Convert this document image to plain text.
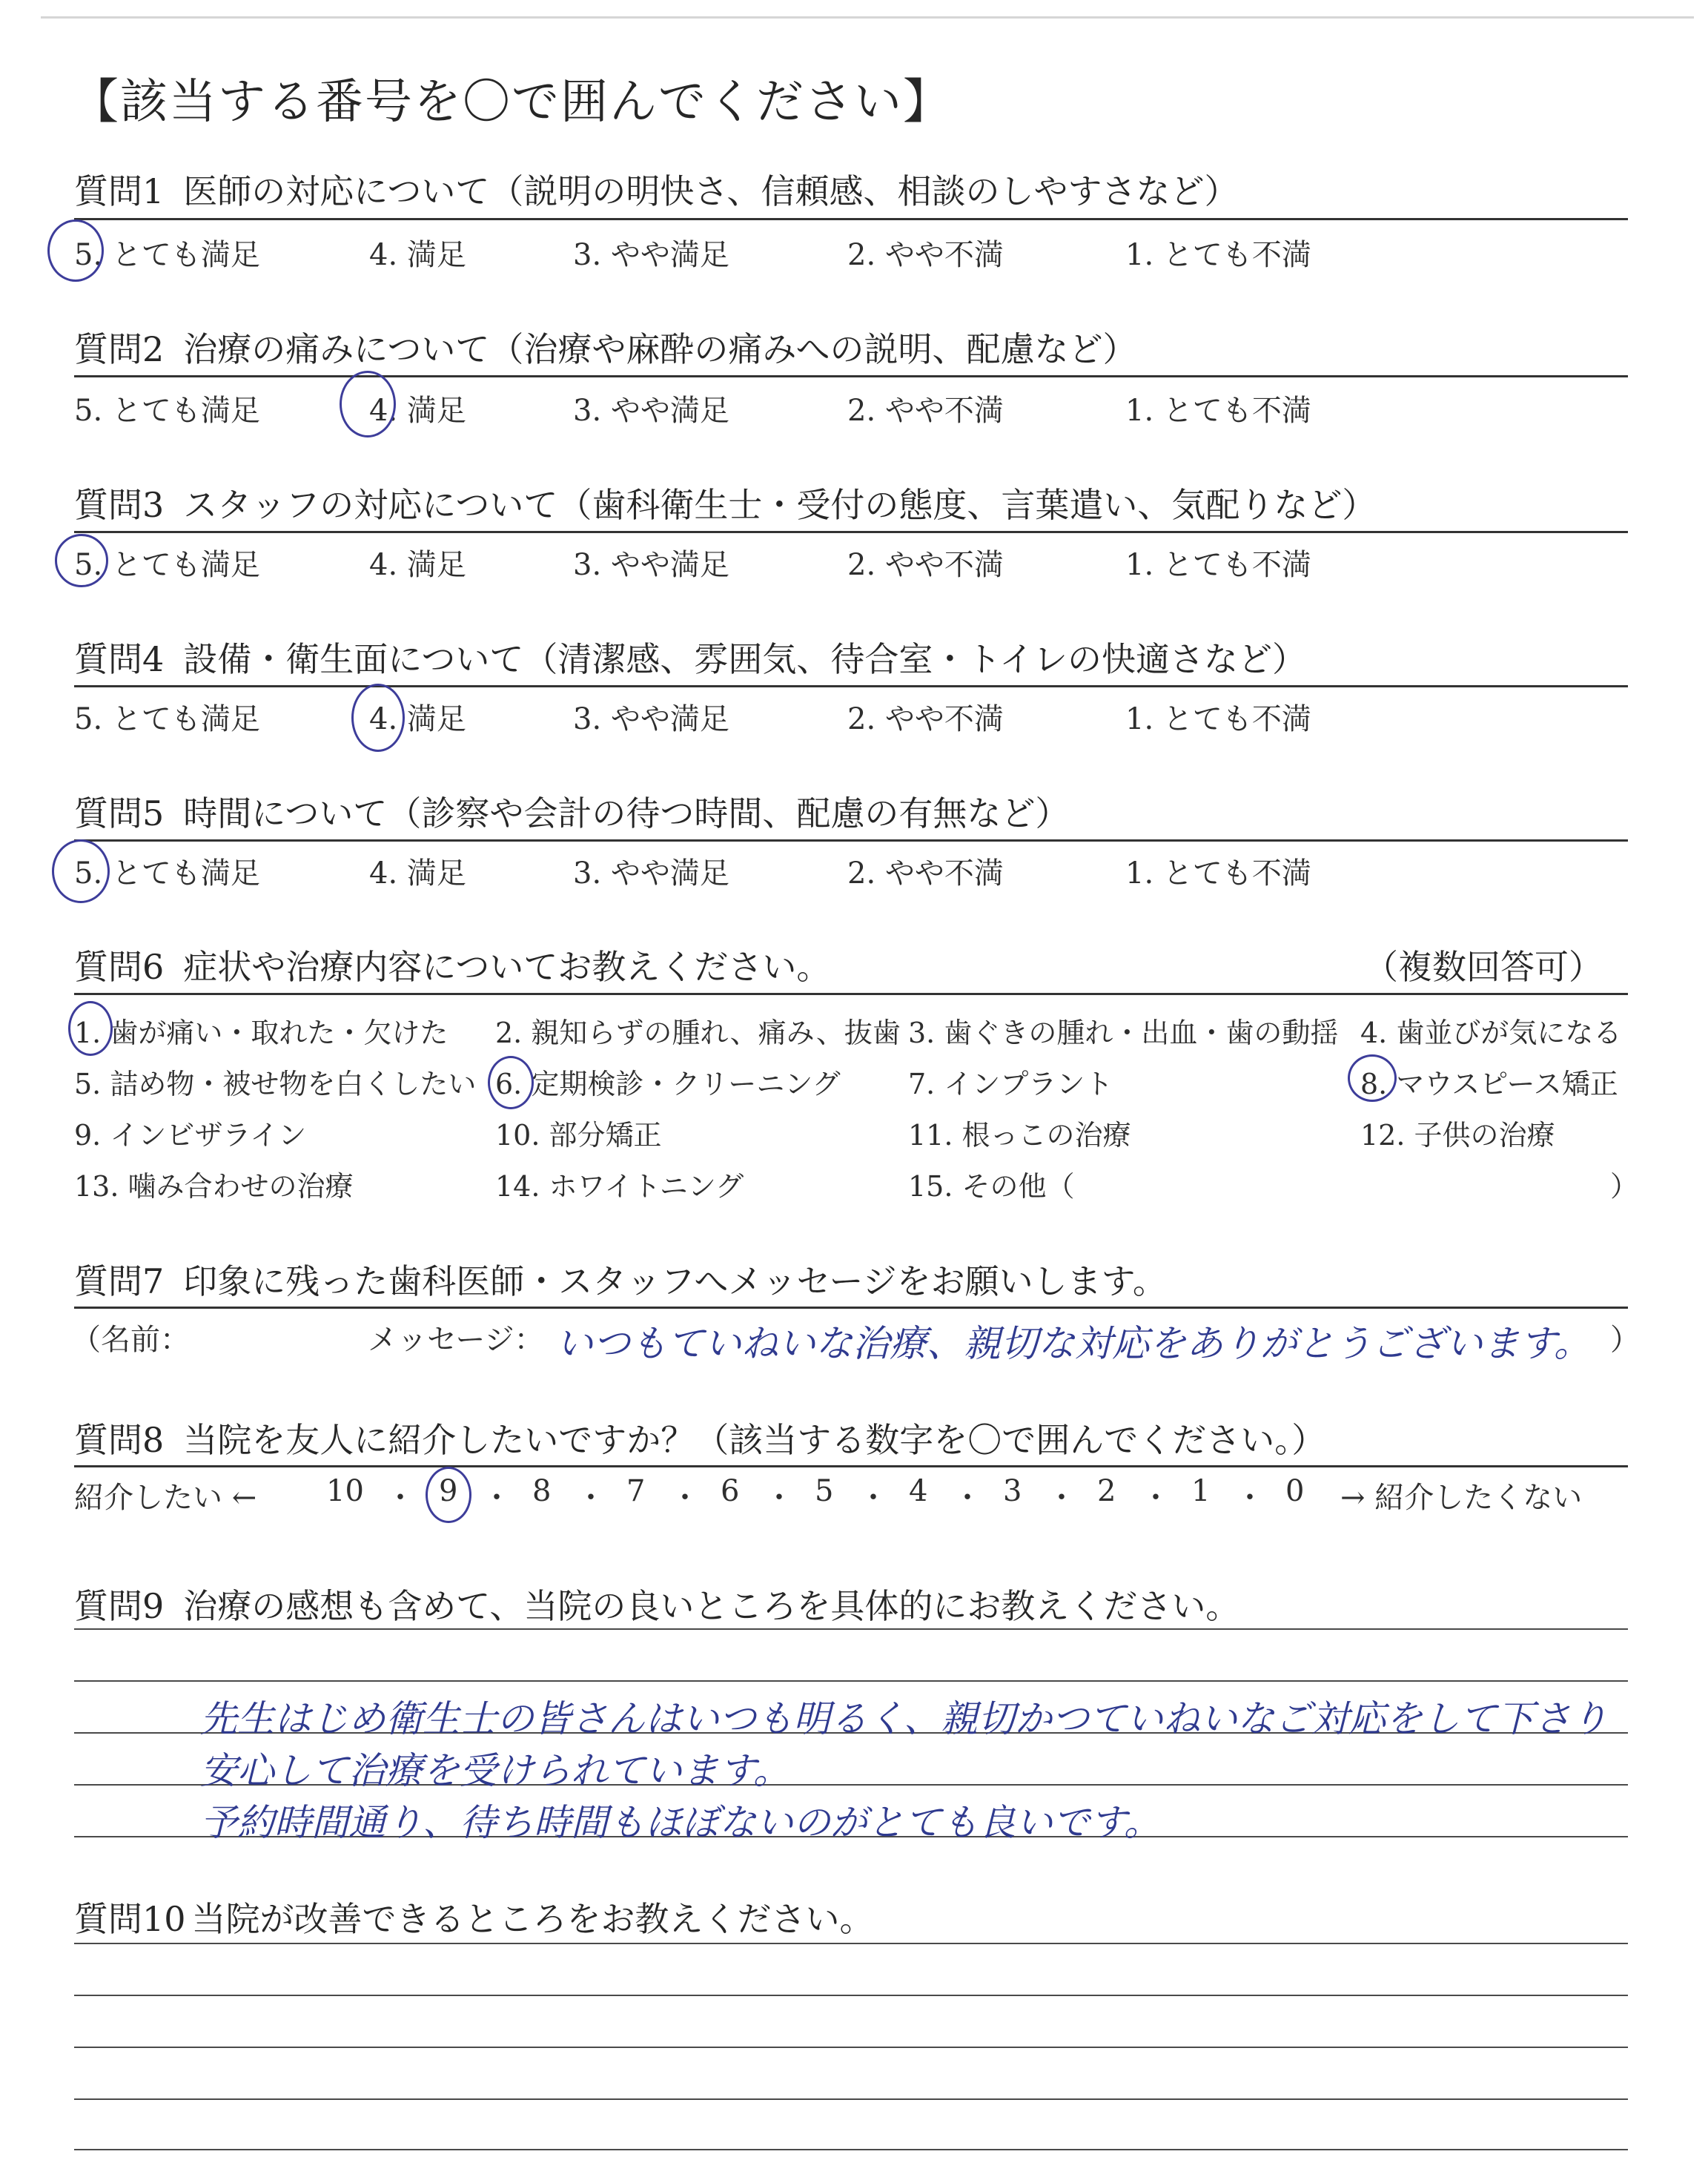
【該当する番号を〇で囲んでください】
質問1 医師の対応について（説明の明快さ、信頼感、相談のしやすさなど）
5. とても満足	4. 満足	3. やや満足	2. やや不満	1. とても不満
質問2 治療の痛みについて（治療や麻酔の痛みへの説明、配慮など）
5. とても満足	4. 満足	3. やや満足	2. やや不満	1. とても不満
質問3 スタッフの対応について（歯科衛生士・受付の態度、言葉遣い、気配りなど）
5. とても満足	4. 満足	3. やや満足	2. やや不満	1. とても不満
質問4 設備・衛生面について（清潔感、雰囲気、待合室・トイレの快適さなど）
5. とても満足	4. 満足	3. やや満足	2. やや不満	1. とても不満
質問5 時間について（診察や会計の待つ時間、配慮の有無など）
5. とても満足	4. 満足	3. やや満足	2. やや不満	1. とても不満
質問6 症状や治療内容についてお教えください。	（複数回答可）
1. 歯が痛い・取れた・欠けた 2. 親知らずの腫れ、痛み、抜歯 3. 歯ぐきの腫れ・出血・歯の動揺 4. 歯並びが気になる
5. 詰め物・被せ物を白くしたい 6. 定期検診・クリーニング 7. インプラント	8. マウスピース矯正
9. インビザライン	10. 部分矯正	11. 根っこの治療	12. 子供の治療
13. 噛み合わせの治療	14. ホワイトニング	15. その他（	）
質問7 印象に残った歯科医師・スタッフへメッセージをお願いします。
（名前：	メッセージ： いつもていねいな治療、親切な対応をありがとうございます。 ）
質問8 当院を友人に紹介したいですか？（該当する数字を〇で囲んでください。）
紹介したい ← 10	9	8	7	6	5	4	3	2	1	0
・ ・ ・ ・ ・ ・ ・ ・ ・ ・	→ 紹介したくない
質問9 治療の感想も含めて、当院の良いところを具体的にお教えください。
先生はじめ衛生士の皆さんはいつも明るく、親切かつていねいなご対応をして下さり
安心して治療を受けられています。
予約時間通り、待ち時間もほぼないのがとても良いです。
質問10 当院が改善できるところをお教えください。
